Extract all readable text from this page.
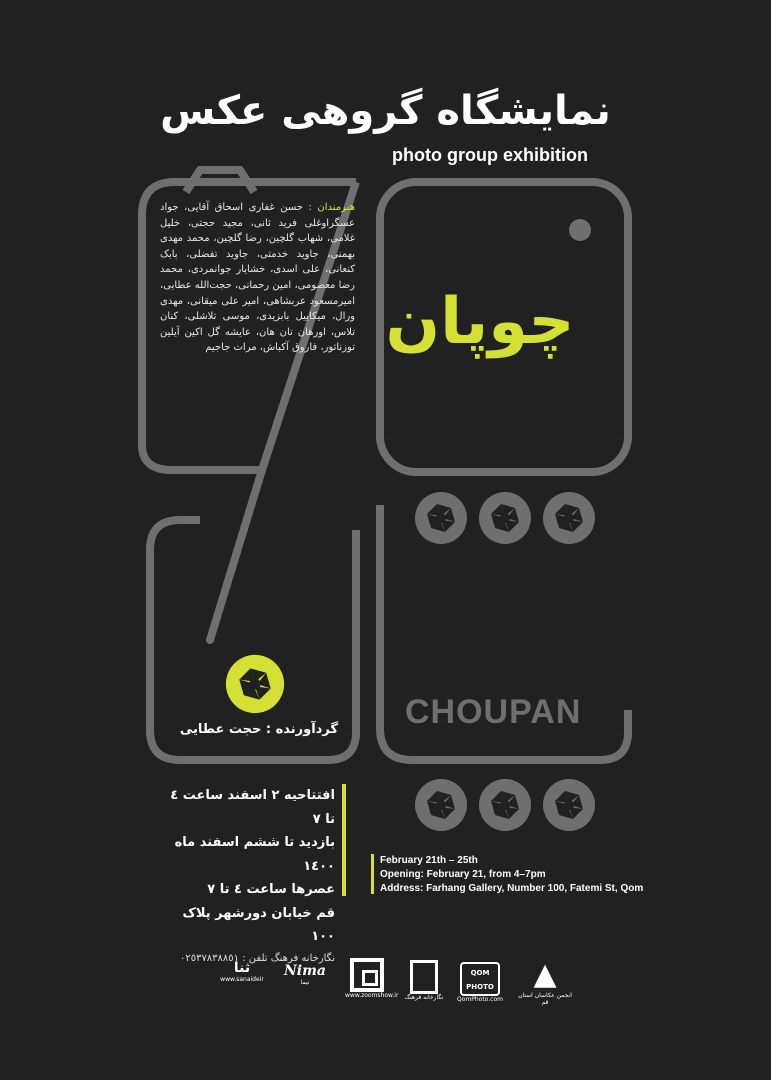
نمایشگاه گروهی عکس
photo group exhibition
هنرمندان : حسن غفاری اسحاق آقایی، جواد عسگراوغلی فرید ثانی، مجید حجتی، خلیل غلامی، شهاب گلچین، رضا گلچین، محمد مهدی بهمنی، جاوید خدمتی، جاوید تفضلی، بابک کنعانی، علی اسدی، خشایار جوانمردی، محمد رضا معصومی، امین رحمانی، حجت‌الله عطایی، امیرمسعود عربشاهی، امیر علی میقانی، مهدی ورال، میکاییل بابزیدی، موسی تلاشلی، کنان تلاس، اورهان تان هان، عایشه گل اکین آیلین توزناتور، فاروق آکباش، مرات جاجیم چوپان
CHOUPAN
گردآورنده : حجت عطایی
افتتاحیه ۲ اسفند ساعت ٤ تا ٧
بازدید تا ششم اسفند ماه ۱٤٠٠
عصرها ساعت ٤ تا ٧
قم خیابان دورشهر پلاک ۱٠٠
نگارخانه فرهنگ تلفن : ٠٢٥٣٧٨٣٨٨٥١
February 21th – 25th
Opening: February 21, from 4–7pm
Address: Farhang Gallery, Number 100, Fatemi St, Qom
ثنا
www.sanaideir
Nima
نیما
www.zoomshow.ir نگارخانه فرهنگ
QOM PHOTO
QomPhoto.com
▲
انجمن عکاسان استان قم
